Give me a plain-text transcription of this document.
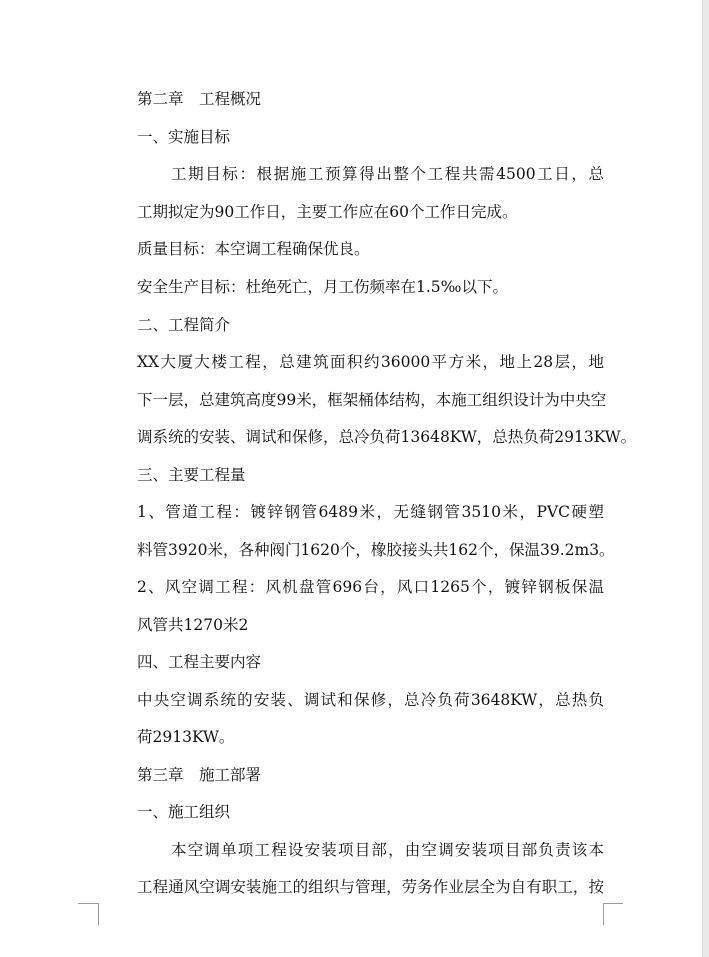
第二章　工程概况
一、实施目标
工期目标：根据施工预算得出整个工程共需4500工日，总
工期拟定为90工作日，主要工作应在60个工作日完成。
质量目标：本空调工程确保优良。
安全生产目标：杜绝死亡，月工伤频率在1.5‰以下。
二、工程简介
XX大厦大楼工程，总建筑面积约36000平方米，地上28层，地
下一层，总建筑高度99米，框架桶体结构，本施工组织设计为中央空
调系统的安装、调试和保修，总冷负荷13648KW，总热负荷2913KW。
三、主要工程量
1、管道工程：镀锌钢管6489米，无缝钢管3510米，PVC硬塑
料管3920米，各种阀门1620个，橡胶接头共162个，保温39.2m3。
2、风空调工程：风机盘管696台，风口1265个，镀锌钢板保温
风管共1270米2
四、工程主要内容
中央空调系统的安装、调试和保修，总冷负荷3648KW，总热负
荷2913KW。
第三章　施工部署
一、施工组织
本空调单项工程设安装项目部，由空调安装项目部负责该本
工程通风空调安装施工的组织与管理，劳务作业层全为自有职工，按
